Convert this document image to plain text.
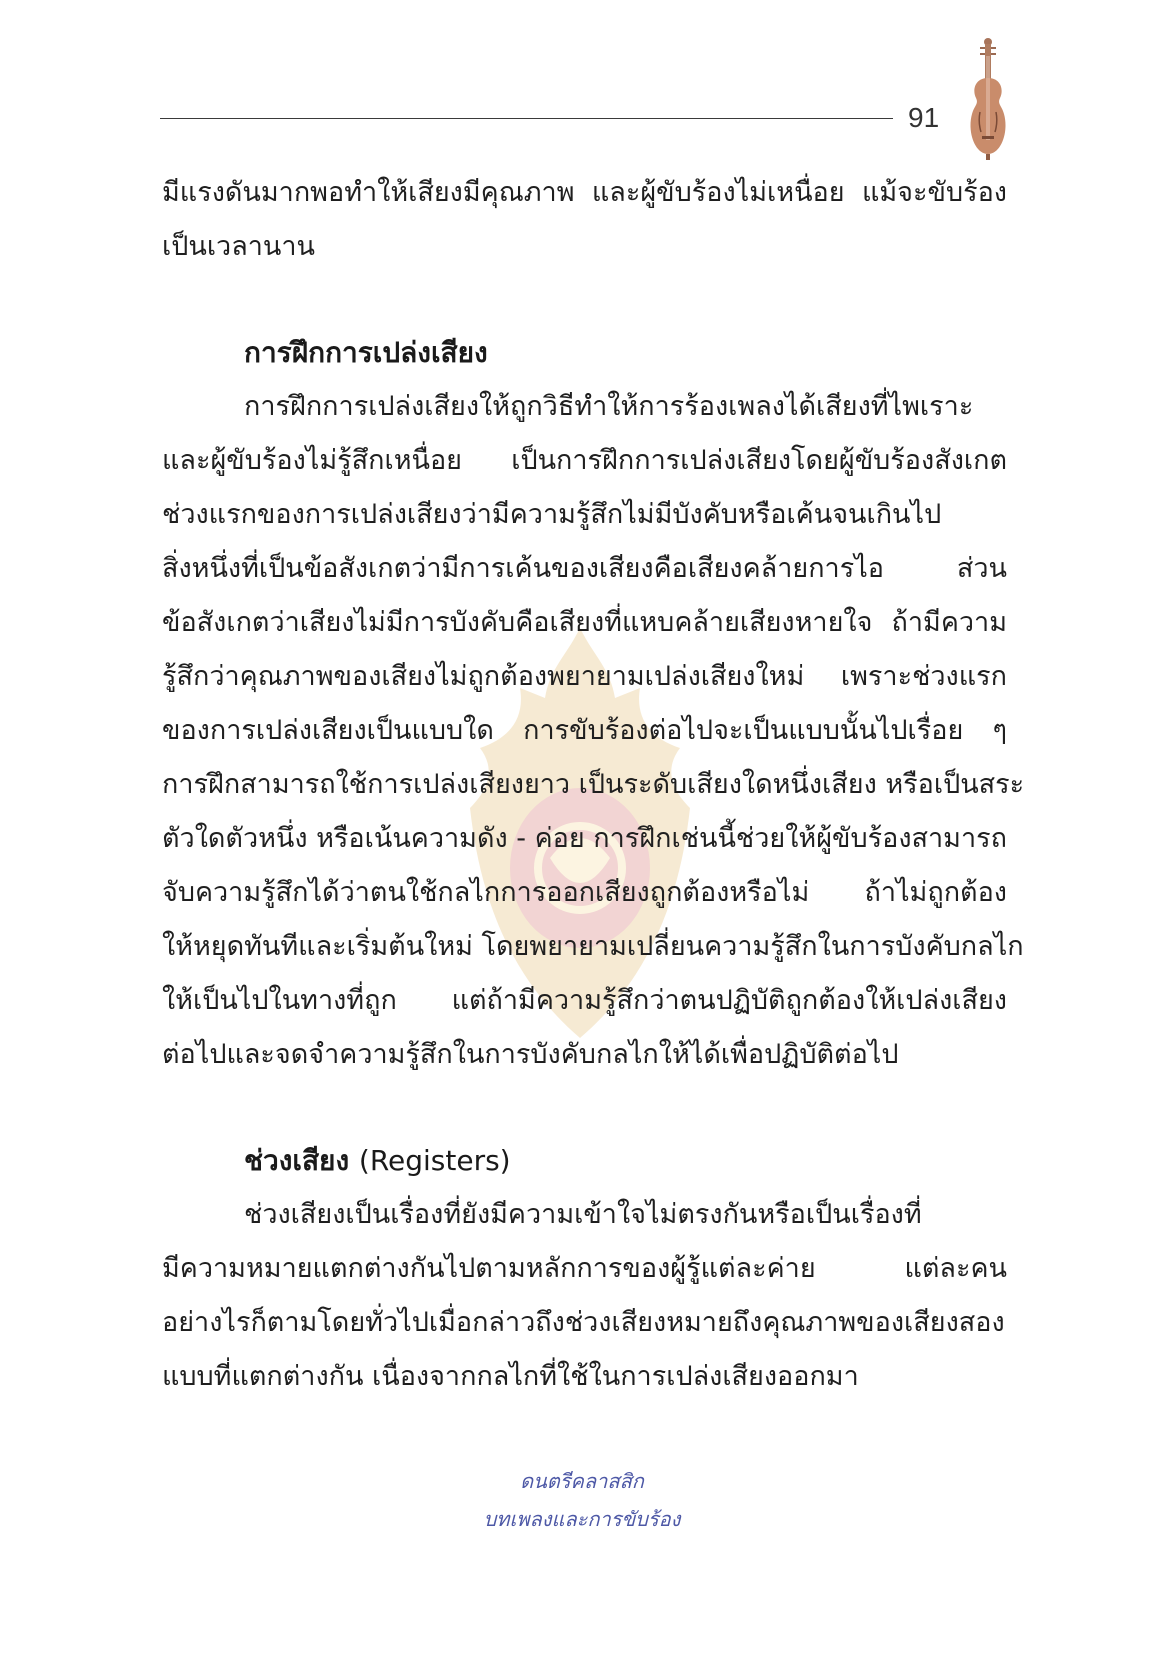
91

มีแรงดันมากพอทำให้เสียงมีคุณภาพ และผู้ขับร้องไม่เหนื่อย แม้จะขับร้อง

เป็นเวลานาน

การฝึกการเปล่งเสียง

การฝึกการเปล่งเสียงให้ถูกวิธีทำให้การร้องเพลงได้เสียงที่ไพเราะ

และผู้ขับร้องไม่รู้สึกเหนื่อย เป็นการฝึกการเปล่งเสียงโดยผู้ขับร้องสังเกต

ช่วงแรกของการเปล่งเสียงว่ามีความรู้สึกไม่มีบังคับหรือเค้นจนเกินไป

สิ่งหนึ่งที่เป็นข้อสังเกตว่ามีการเค้นของเสียงคือเสียงคล้ายการไอ ส่วน

ข้อสังเกตว่าเสียงไม่มีการบังคับคือเสียงที่แหบคล้ายเสียงหายใจ ถ้ามีความ

รู้สึกว่าคุณภาพของเสียงไม่ถูกต้องพยายามเปล่งเสียงใหม่ เพราะช่วงแรก

ของการเปล่งเสียงเป็นแบบใด การขับร้องต่อไปจะเป็นแบบนั้นไปเรื่อย ๆ

การฝึกสามารถใช้การเปล่งเสียงยาว เป็นระดับเสียงใดหนึ่งเสียง หรือเป็นสระ

ตัวใดตัวหนึ่ง หรือเน้นความดัง - ค่อย การฝึกเช่นนี้ช่วยให้ผู้ขับร้องสามารถ

จับความรู้สึกได้ว่าตนใช้กลไกการออกเสียงถูกต้องหรือไม่ ถ้าไม่ถูกต้อง

ให้หยุดทันทีและเริ่มต้นใหม่ โดยพยายามเปลี่ยนความรู้สึกในการบังคับกลไก

ให้เป็นไปในทางที่ถูก แต่ถ้ามีความรู้สึกว่าตนปฏิบัติถูกต้องให้เปล่งเสียง

ต่อไปและจดจำความรู้สึกในการบังคับกลไกให้ได้เพื่อปฏิบัติต่อไป

ช่วงเสียง (Registers)

ช่วงเสียงเป็นเรื่องที่ยังมีความเข้าใจไม่ตรงกันหรือเป็นเรื่องที่

มีความหมายแตกต่างกันไปตามหลักการของผู้รู้แต่ละค่าย แต่ละคน

อย่างไรก็ตามโดยทั่วไปเมื่อกล่าวถึงช่วงเสียงหมายถึงคุณภาพของเสียงสอง

แบบที่แตกต่างกัน เนื่องจากกลไกที่ใช้ในการเปล่งเสียงออกมา

ดนตรีคลาสสิก
บทเพลงและการขับร้อง
